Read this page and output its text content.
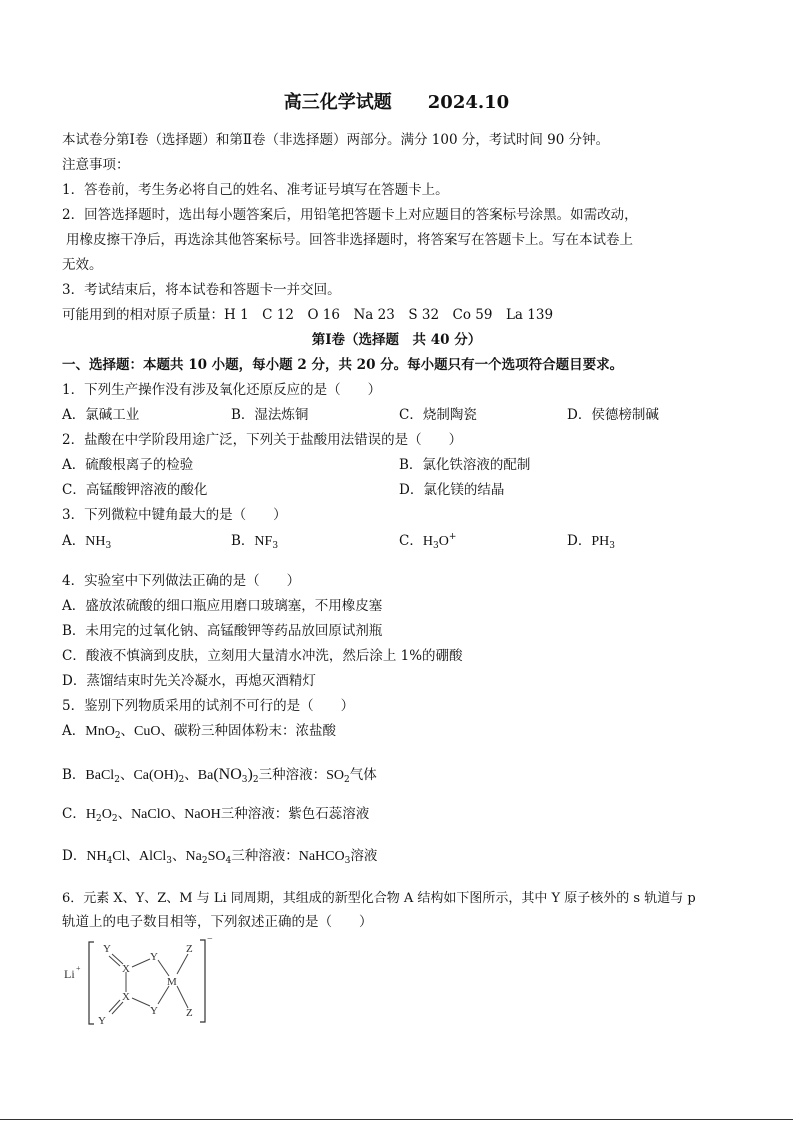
高三化学试题 2024.10
本试卷分第Ⅰ卷（选择题）和第Ⅱ卷（非选择题）两部分。满分 100 分，考试时间 90 分钟。
注意事项：
1．答卷前，考生务必将自己的姓名、准考证号填写在答题卡上。
2．回答选择题时，选出每小题答案后，用铅笔把答题卡上对应题目的答案标号涂黑。如需改动，
用橡皮擦干净后，再选涂其他答案标号。回答非选择题时，将答案写在答题卡上。写在本试卷上
无效。
3．考试结束后，将本试卷和答题卡一并交回。
可能用到的相对原子质量：H 1　C 12　O 16　Na 23　S 32　Co 59　La 139
第Ⅰ卷（选择题　共 40 分）
一、选择题：本题共 10 小题，每小题 2 分，共 20 分。每小题只有一个选项符合题目要求。
1．下列生产操作没有涉及氧化还原反应的是（　　）
A．氯碱工业	B．湿法炼铜	C．烧制陶瓷	D．侯德榜制碱
2．盐酸在中学阶段用途广泛，下列关于盐酸用法错误的是（　　）
A．硫酸根离子的检验	B．氯化铁溶液的配制
C．高锰酸钾溶液的酸化	D．氯化镁的结晶
3．下列微粒中键角最大的是（　　）
A．$NH_3$	B．$NF_3$	C．$H_3O^+$	D．$PH_3$
4．实验室中下列做法正确的是（　　）
A．盛放浓硫酸的细口瓶应用磨口玻璃塞，不用橡皮塞
B．未用完的过氧化钠、高锰酸钾等药品放回原试剂瓶
C．酸液不慎滴到皮肤，立刻用大量清水冲洗，然后涂上 1%的硼酸
D．蒸馏结束时先关冷凝水，再熄灭酒精灯
5．鉴别下列物质采用的试剂不可行的是（　　）
A．MnO$_2$、CuO、碳粉三种固体粉末：浓盐酸
B．BaCl$_2$、$Ca(OH)_2$、$Ba(NO_3)_2$三种溶液：$SO_2$气体
C．$H_2O_2$、NaClO、NaOH三种溶液：紫色石蕊溶液
D．$NH_4Cl$、AlCl$_3$、$Na_2SO_4$三种溶液：NaHCO$_3$溶液
6．元素 X、Y、Z、M 与 Li 同周期，其组成的新型化合物 A 结构如下图所示，其中 Y 原子核外的 s 轨道与 p
轨道上的电子数目相等，下列叙述正确的是（　　）
Li +
−
Y
X
Y
M
Z
Z
Y
X
Y
